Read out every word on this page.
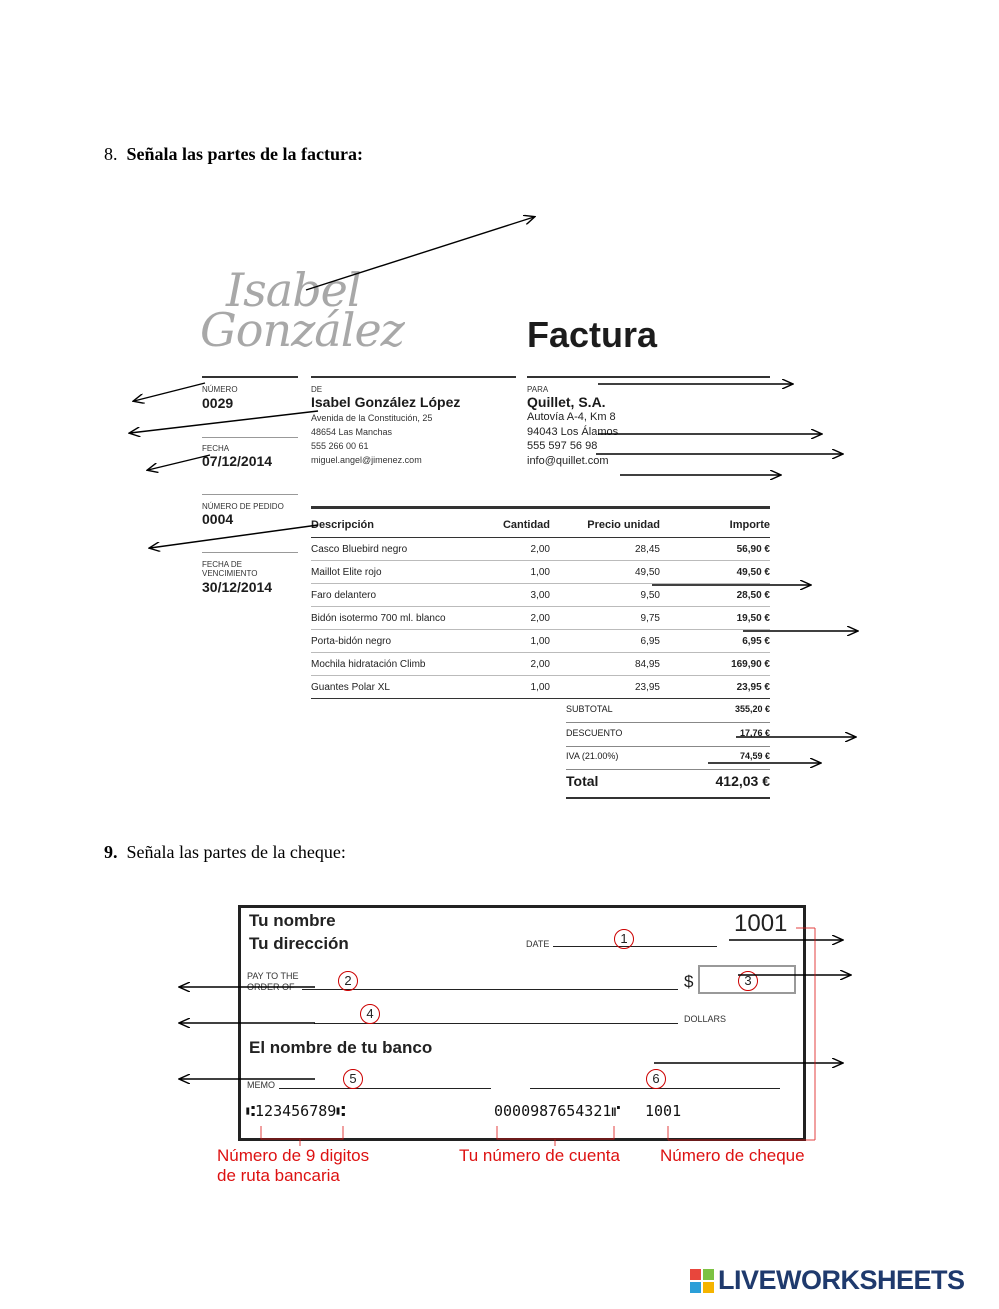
8. Señala las partes de la factura:
Isabel
González	Factura
NÚMERO
0029
FECHA
07/12/2014
NÚMERO DE PEDIDO
0004
FECHA DE
VENCIMIENTO
30/12/2014
DE
Isabel González López
Avenida de la Constitución, 25
48654 Las Manchas
555 266 00 61
miguel.angel@jimenez.com
PARA
Quillet, S.A.
Autovía A-4, Km 8
94043 Los Álamos
555 597 56 98
info@quillet.com
Descripción	Cantidad	Precio unidad	Importe
Casco Bluebird negro	2,00	28,45	56,90 €
Maillot Elite rojo	1,00	49,50	49,50 €
Faro delantero	3,00	9,50	28,50 €
Bidón isotermo 700 ml. blanco	2,00	9,75	19,50 €
Porta-bidón negro	1,00	6,95	6,95 €
Mochila hidratación Climb	2,00	84,95	169,90 €
Guantes Polar XL	1,00	23,95	23,95 €
SUBTOTAL	355,20 €
DESCUENTO	17,76 €
IVA (21.00%)	74,59 €
Total	412,03 €
9. Señala las partes de la cheque:
Tu nombre
Tu dirección
1001
DATE
PAY TO THE
ORDER OF	$
DOLLARS
El nombre de tu banco
MEMO
⑆123456789⑆	0000987654321⑈ 1001
1
2	3
4
5	6
Número de 9 digitos
de ruta bancaria
Tu número de cuenta Número de cheque
LIVEWORKSHEETS
